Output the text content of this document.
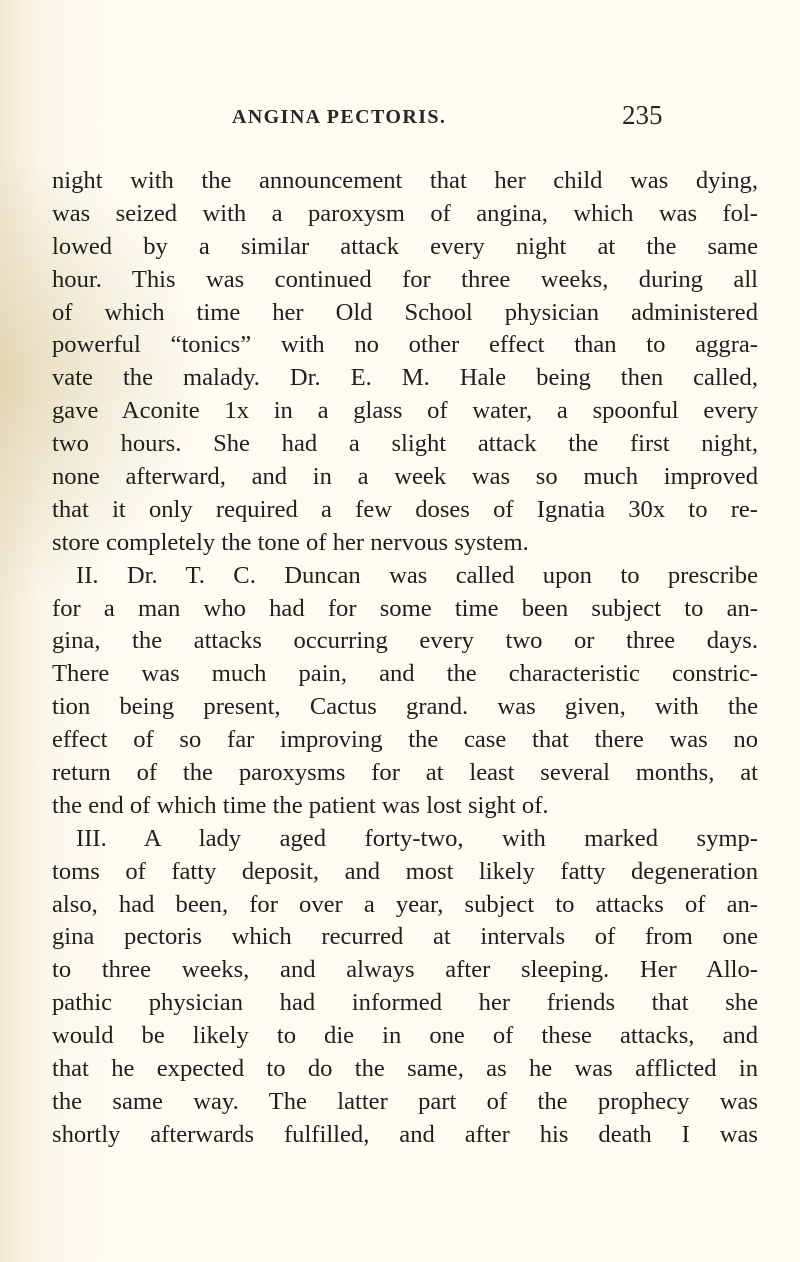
ANGINA PECTORIS.	235
night with the announcement that her child was dying,
was seized with a paroxysm of angina, which was fol-
lowed by a similar attack every night at the same
hour. This was continued for three weeks, during all
of which time her Old School physician administered
powerful “tonics” with no other effect than to aggra-
vate the malady. Dr. E. M. Hale being then called,
gave Aconite 1x in a glass of water, a spoonful every
two hours. She had a slight attack the first night,
none afterward, and in a week was so much improved
that it only required a few doses of Ignatia 30x to re-
store completely the tone of her nervous system.
II. Dr. T. C. Duncan was called upon to prescribe
for a man who had for some time been subject to an-
gina, the attacks occurring every two or three days.
There was much pain, and the characteristic constric-
tion being present, Cactus grand. was given, with the
effect of so far improving the case that there was no
return of the paroxysms for at least several months, at
the end of which time the patient was lost sight of.
III. A lady aged forty-two, with marked symp-
toms of fatty deposit, and most likely fatty degeneration
also, had been, for over a year, subject to attacks of an-
gina pectoris which recurred at intervals of from one
to three weeks, and always after sleeping. Her Allo-
pathic physician had informed her friends that she
would be likely to die in one of these attacks, and
that he expected to do the same, as he was afflicted in
the same way. The latter part of the prophecy was
shortly afterwards fulfilled, and after his death I was
